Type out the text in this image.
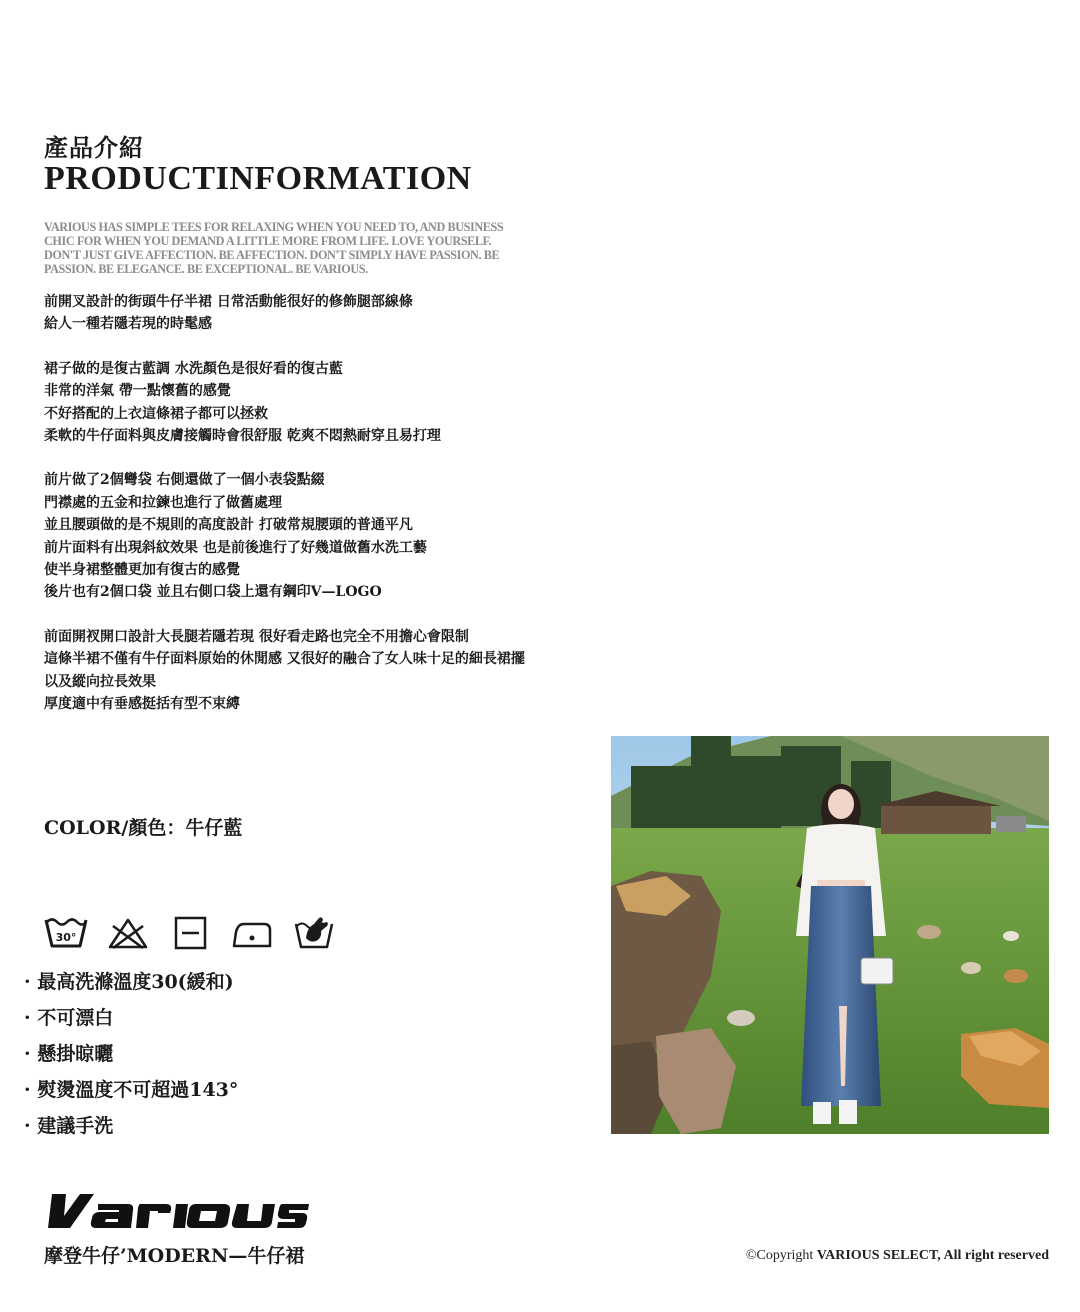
產品介紹
PRODUCTINFORMATION
VARIOUS HAS SIMPLE TEES FOR RELAXING WHEN YOU NEED TO, AND BUSINESS CHIC FOR WHEN YOU DEMAND A LITTLE MORE FROM LIFE. LOVE YOURSELF. DON'T JUST GIVE AFFECTION. BE AFFECTION. DON'T SIMPLY HAVE PASSION. BE PASSION. BE ELEGANCE. BE EXCEPTIONAL. BE VARIOUS.
前開叉設計的街頭牛仔半裙 日常活動能很好的修飾腿部線條
給人一種若隱若現的時髦感
裙子做的是復古藍調 水洗顏色是很好看的復古藍
非常的洋氣 帶一點懷舊的感覺
不好搭配的上衣這條裙子都可以拯救
柔軟的牛仔面料與皮膚接觸時會很舒服 乾爽不悶熱耐穿且易打理
前片做了2個彎袋 右側還做了一個小表袋點綴
門襟處的五金和拉鍊也進行了做舊處理
並且腰頭做的是不規則的高度設計 打破常規腰頭的普通平凡
前片面料有出現斜紋效果 也是前後進行了好幾道做舊水洗工藝
使半身裙整體更加有復古的感覺
後片也有2個口袋 並且右側口袋上還有鋼印V—LOGO
前面開衩開口設計大長腿若隱若現 很好看走路也完全不用擔心會限制
這條半裙不僅有牛仔面料原始的休閒感 又很好的融合了女人味十足的細長裙擺
以及縱向拉長效果
厚度適中有垂感挺括有型不束縛
COLOR/顏色：牛仔藍
30°
· 最高洗滌溫度30(緩和)
· 不可漂白
· 懸掛晾曬
· 熨燙溫度不可超過143°
· 建議手洗
摩登牛仔’MODERN—牛仔裙	©Copyright VARIOUS SELECT, All right reserved
